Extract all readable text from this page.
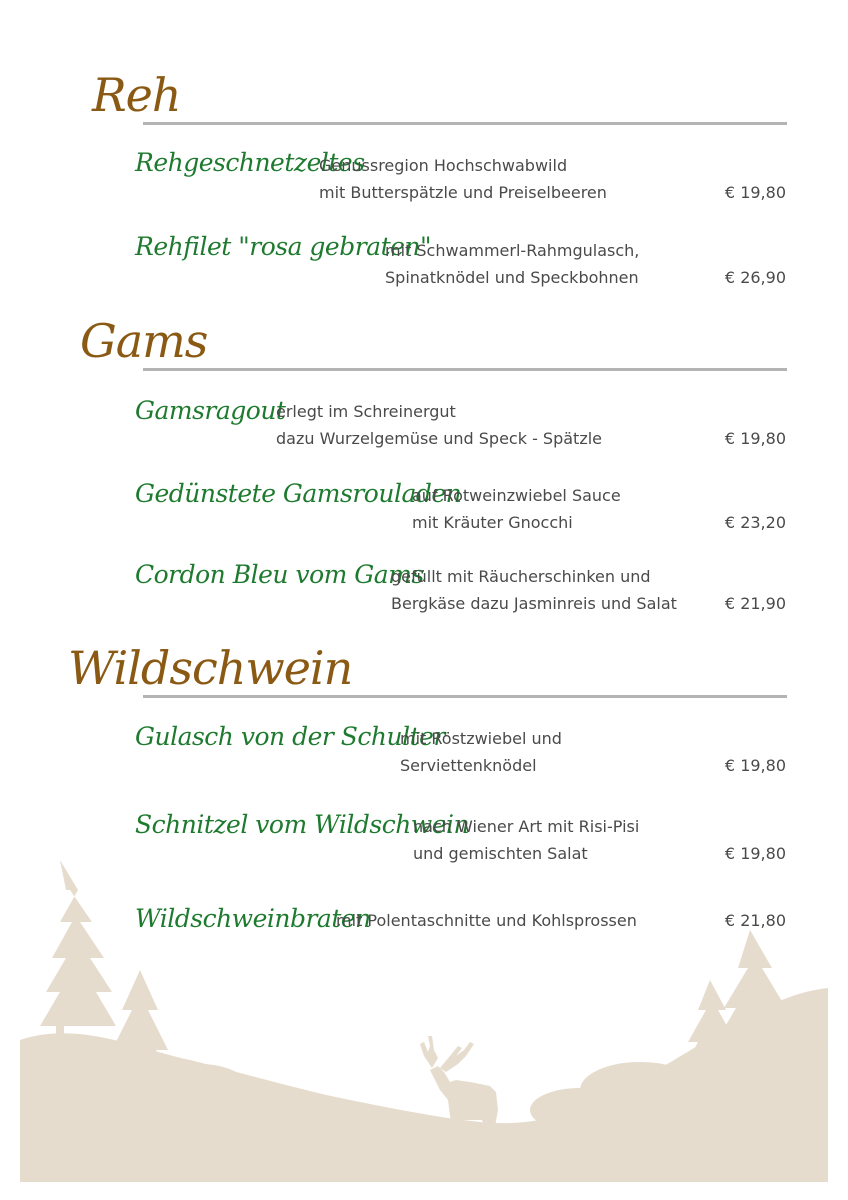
Reh
Rehgeschnetzeltes
Genussregion Hochschwabwild
mit Butterspätzle und Preiselbeeren	€ 19,80
Rehfilet "rosa gebraten"
mit Schwammerl-Rahmgulasch,
Spinatknödel und Speckbohnen	€ 26,90
Gams
Gamsragout
erlegt im Schreinergut
dazu Wurzelgemüse und Speck - Spätzle	€ 19,80
Gedünstete Gamsrouladen
auf Rotweinzwiebel Sauce
mit Kräuter Gnocchi	€ 23,20
Cordon Bleu vom Gams
gefüllt mit Räucherschinken und
Bergkäse dazu Jasminreis und Salat	€ 21,90
Wildschwein
Gulasch von der Schulter
mit Röstzwiebel und
Serviettenknödel	€ 19,80
Schnitzel vom Wildschwein
nach Wiener Art mit Risi-Pisi
und gemischten Salat	€ 19,80
Wildschweinbraten
mit Polentaschnitte und Kohlsprossen	€ 21,80
